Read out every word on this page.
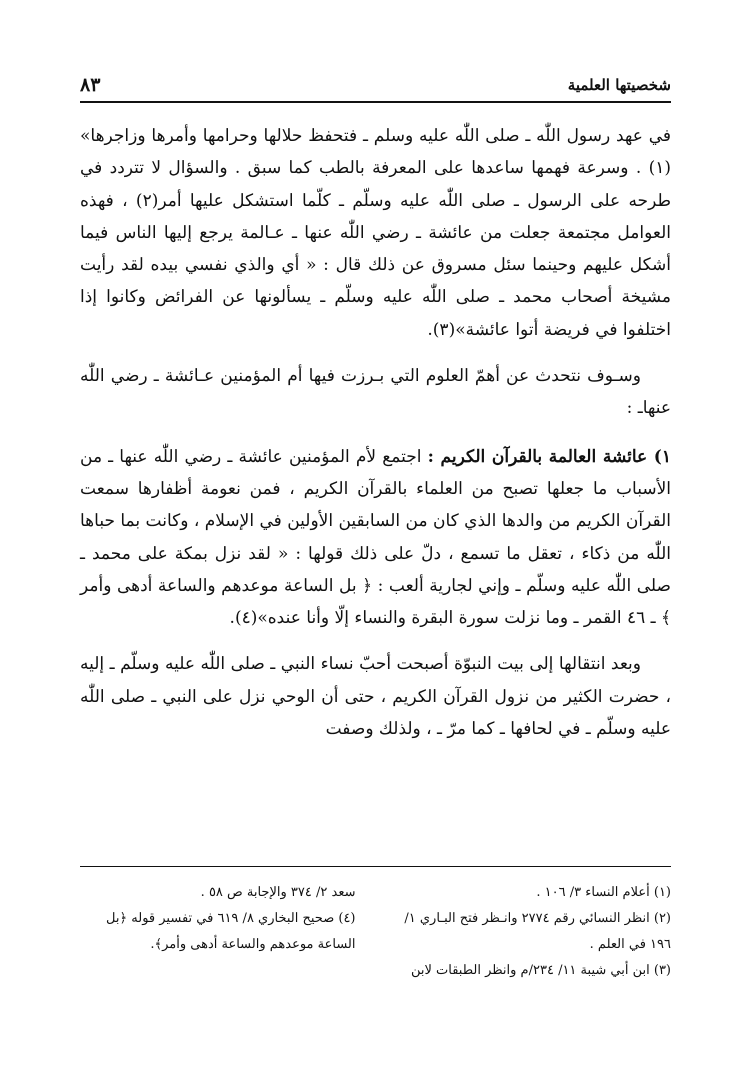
شخصيتها العلمية
٨٣

في عهد رسول اللّٰه ـ صلى اللّٰه عليه وسلم ـ فتحفظ حلالها وحرامها وأمرها وزاجرها» (١) . وسرعة فهمها ساعدها على المعرفة بالطب كما سبق . والسؤال لا تتردد في طرحه على الرسول ـ صلى اللّٰه عليه وسلّم ـ كلّما استشكل عليها أمر(٢) ، فهذه العوامل مجتمعة جعلت من عائشة ـ رضي اللّٰه عنها ـ عـالمة يرجع إليها الناس فيما أشكل عليهم وحينما سئل مسروق عن ذلك قال : « أي والذي نفسي بيده لقد رأيت مشيخة أصحاب محمد ـ صلى اللّٰه عليه وسلّم ـ يسألونها عن الفرائض وكانوا إذا اختلفوا في فريضة أتوا عائشة»(٣).

وسـوف نتحدث عن أهمّ العلوم التي بـرزت فيها أم المؤمنين عـائشة ـ رضي اللّٰه عنهاـ :

١) عائشة العالمة بالقرآن الكريم : اجتمع لأم المؤمنين عائشة ـ رضي اللّٰه عنها ـ من الأسباب ما جعلها تصبح من العلماء بالقرآن الكريم ، فمن نعومة أظفارها سمعت القرآن الكريم من والدها الذي كان من السابقين الأولين في الإسلام ، وكانت بما حباها اللّٰه من ذكاء ، تعقل ما تسمع ، دلّ على ذلك قولها : « لقد نزل بمكة على محمد ـ صلى اللّٰه عليه وسلّم ـ وإني لجارية ألعب : ﴿ بل الساعة موعدهم والساعة أدهى وأمر ﴾ ـ ٤٦ القمر ـ وما نزلت سورة البقرة والنساء إلّا وأنا عنده»(٤).

وبعد انتقالها إلى بيت النبوّة أصبحت أحبّ نساء النبي ـ صلى اللّٰه عليه وسلّم ـ إليه ، حضرت الكثير من نزول القرآن الكريم ، حتى أن الوحي نزل على النبي ـ صلى اللّٰه عليه وسلّم ـ في لحافها ـ كما مرّ ـ ، ولذلك وصفت

(١) أعلام النساء ٣/ ١٠٦ .

(٢) انظر النسائي رقم ٢٧٧٤ وانـظر فتح البـاري ١/ ١٩٦ في العلم .

(٣) ابن أبي شيبة ١١/ ٢٣٤/م وانظر الطبقات لابن

سعد ٢/ ٣٧٤ والإجابة ص ٥٨ .

(٤) صحيح البخاري ٨/ ٦١٩ في تفسير قوله ﴿بل الساعة موعدهم والساعة أدهى وأمر﴾.
